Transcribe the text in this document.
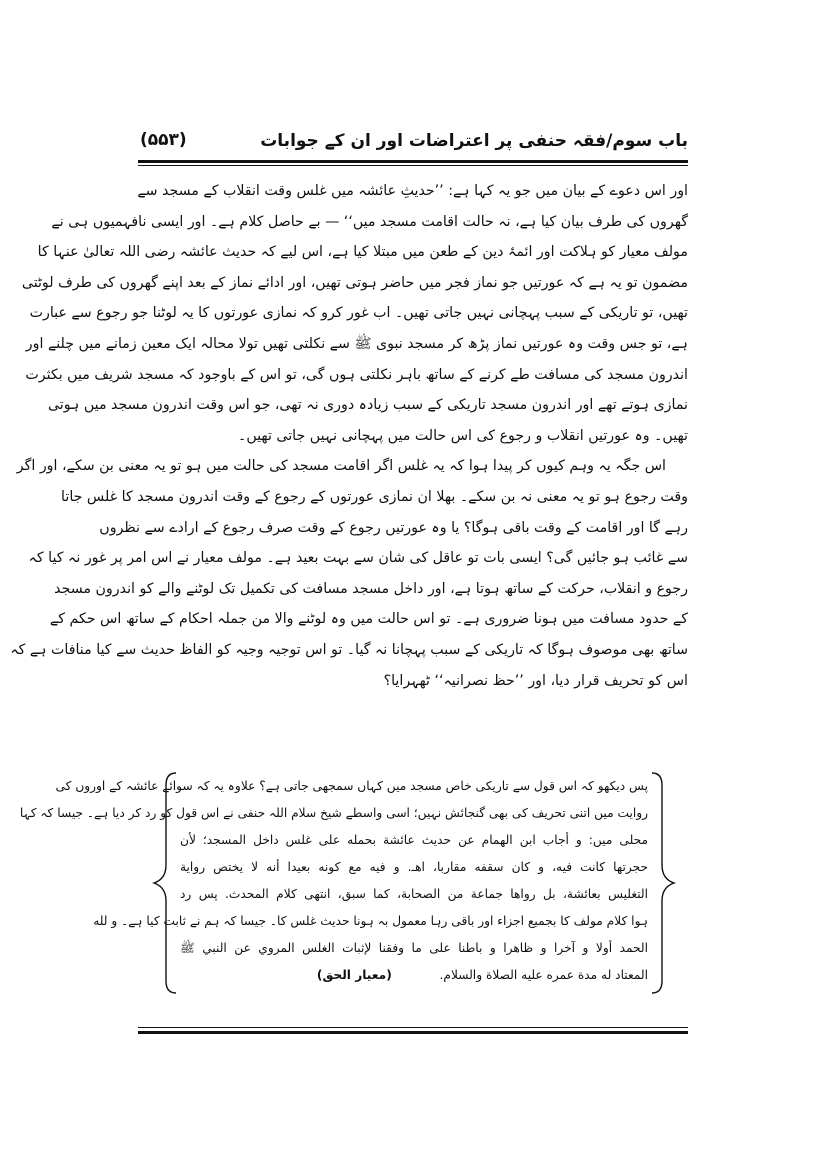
باب سوم/فقہ حنفی پر اعتراضات اور ان کے جوابات
(۵۵۳)
اور اس دعوے کے بیان میں جو یہ کہا ہے: ’’حدیثِ عائشہ میں غلس وقت انقلاب کے مسجد سے
گھروں کی طرف بیان کیا ہے، نہ حالت اقامت مسجد میں‘‘ — بے حاصل کلام ہے۔ اور ایسی نافہمیوں ہی نے
مولف معیار کو ہلاکت اور ائمۂ دین کے طعن میں مبتلا کیا ہے، اس لیے کہ حدیث عائشہ رضی اللہ تعالیٰ عنہا کا
مضمون تو یہ ہے کہ عورتیں جو نماز فجر میں حاضر ہوتی تھیں، اور ادائے نماز کے بعد اپنے گھروں کی طرف لوٹتی
تھیں، تو تاریکی کے سبب پہچانی نہیں جاتی تھیں۔ اب غور کرو کہ نمازی عورتوں کا یہ لوٹنا جو رجوع سے عبارت
ہے، تو جس وقت وہ عورتیں نماز پڑھ کر مسجد نبوی ﷺ سے نکلتی تھیں تولا محالہ ایک معین زمانے میں چلنے اور
اندرون مسجد کی مسافت طے کرنے کے ساتھ باہر نکلتی ہوں گی، تو اس کے باوجود کہ مسجد شریف میں بکثرت
نمازی ہوتے تھے اور اندرون مسجد تاریکی کے سبب زیادہ دوری نہ تھی، جو اس وقت اندرون مسجد میں ہوتی
تھیں۔ وہ عورتیں انقلاب و رجوع کی اس حالت میں پہچانی نہیں جاتی تھیں۔
اس جگہ یہ وہم کیوں کر پیدا ہوا کہ یہ غلس اگر اقامت مسجد کی حالت میں ہو تو یہ معنی بن سکے، اور اگر
وقت رجوع ہو تو یہ معنی نہ بن سکے۔ بھلا ان نمازی عورتوں کے رجوع کے وقت اندرون مسجد کا غلس جاتا
رہے گا اور اقامت کے وقت باقی ہوگا؟ یا وہ عورتیں رجوع کے وقت صرف رجوع کے ارادے سے نظروں
سے غائب ہو جائیں گی؟ ایسی بات تو عاقل کی شان سے بہت بعید ہے۔ مولف معیار نے اس امر پر غور نہ کیا کہ
رجوع و انقلاب، حرکت کے ساتھ ہوتا ہے، اور داخل مسجد مسافت کی تکمیل تک لوٹنے والے کو اندرون مسجد
کے حدود مسافت میں ہونا ضروری ہے۔ تو اس حالت میں وہ لوٹنے والا من جملہ احکام کے ساتھ اس حکم کے
ساتھ بھی موصوف ہوگا کہ تاریکی کے سبب پہچانا نہ گیا۔ تو اس توجیہ وجیہ کو الفاظ حدیث سے کیا منافات ہے کہ
اس کو تحریف قرار دیا، اور ’’حظ نصرانیہ‘‘ ٹھہرایا؟
پس دیکھو کہ اس قول سے تاریکی خاص مسجد میں کہاں سمجھی جاتی ہے؟ علاوہ یہ کہ سوائے عائشہ کے اوروں کی
روایت میں اتنی تحریف کی بھی گنجائش نہیں؛ اسی واسطے شیخ سلام اللہ حنفی نے اس قول کو رد کر دیا ہے۔ جیسا کہ کہا
محلی میں: و أجاب ابن الهمام عن حديث عائشة بحمله على غلس داخل المسجد؛ لأن
حجرتها كانت فيه، و كان سقفه مقاربا، اهـ. و فيه مع كونه بعيدا أنه لا يختص رواية
التغليس بعائشة، بل رواها جماعة من الصحابة، كما سبق، انتهى كلام المحدث. پس رد
ہوا کلام مولف کا بجمیع اجزاء اور باقی رہا معمول بہ ہونا حدیث غلس کا۔ جیسا کہ ہم نے ثابت کیا ہے۔ و لله
الحمد أولا و آخرا و ظاهرا و باطنا على ما وفقنا لإثبات الغلس المروي عن النبي ﷺ
المعتاد له مدة عمره عليه الصلاة والسلام.  (معیار الحق)
